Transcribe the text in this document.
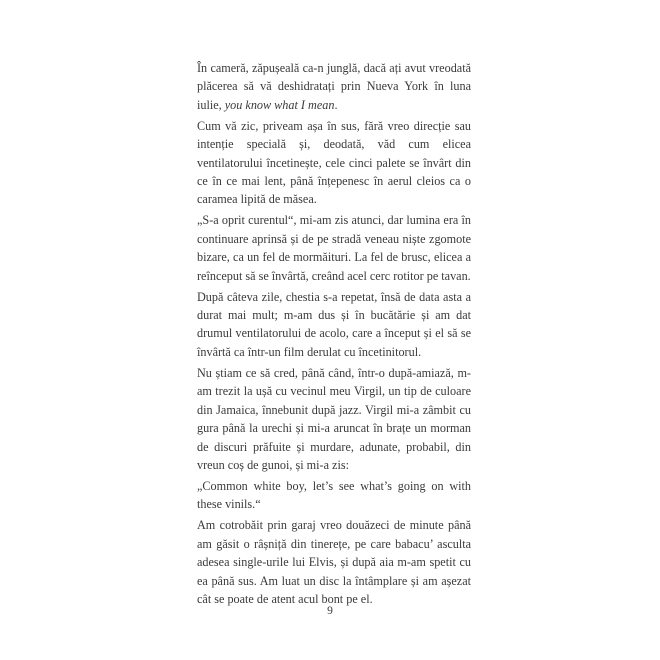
În cameră, zăpușeală ca-n junglă, dacă ați avut vreodată plăcerea să vă deshidratați prin Nueva York în luna iulie, you know what I mean.

Cum vă zic, priveam așa în sus, fără vreo direcție sau intenție specială și, deodată, văd cum elicea ventilatorului încetinește, cele cinci palete se învârt din ce în ce mai lent, până înțepenesc în aerul cleios ca o caramea lipită de măsea.

„S-a oprit curentul“, mi-am zis atunci, dar lumina era în continuare aprinsă și de pe stradă veneau niște zgomote bizare, ca un fel de mormăituri. La fel de brusc, elicea a reînceput să se învârtă, creând acel cerc rotitor pe tavan.

După câteva zile, chestia s-a repetat, însă de data asta a durat mai mult; m-am dus și în bucătărie și am dat drumul ventilatorului de acolo, care a început și el să se învârtă ca într-un film derulat cu încetinitorul.

Nu știam ce să cred, până când, într-o după-amiază, m-am trezit la ușă cu vecinul meu Virgil, un tip de culoare din Jamaica, înnebunit după jazz. Virgil mi-a zâmbit cu gura până la urechi și mi-a aruncat în brațe un morman de discuri prăfuite și murdare, adunate, probabil, din vreun coș de gunoi, și mi-a zis:

„Common white boy, let’s see what’s going on with these vinils.“

Am cotrobăit prin garaj vreo douăzeci de minute până am găsit o râșniță din tinerețe, pe care babacu’ asculta adesea single-urile lui Elvis, și după aia m-am spetit cu ea până sus. Am luat un disc la întâmplare și am așezat cât se poate de atent acul bont pe el.

9
